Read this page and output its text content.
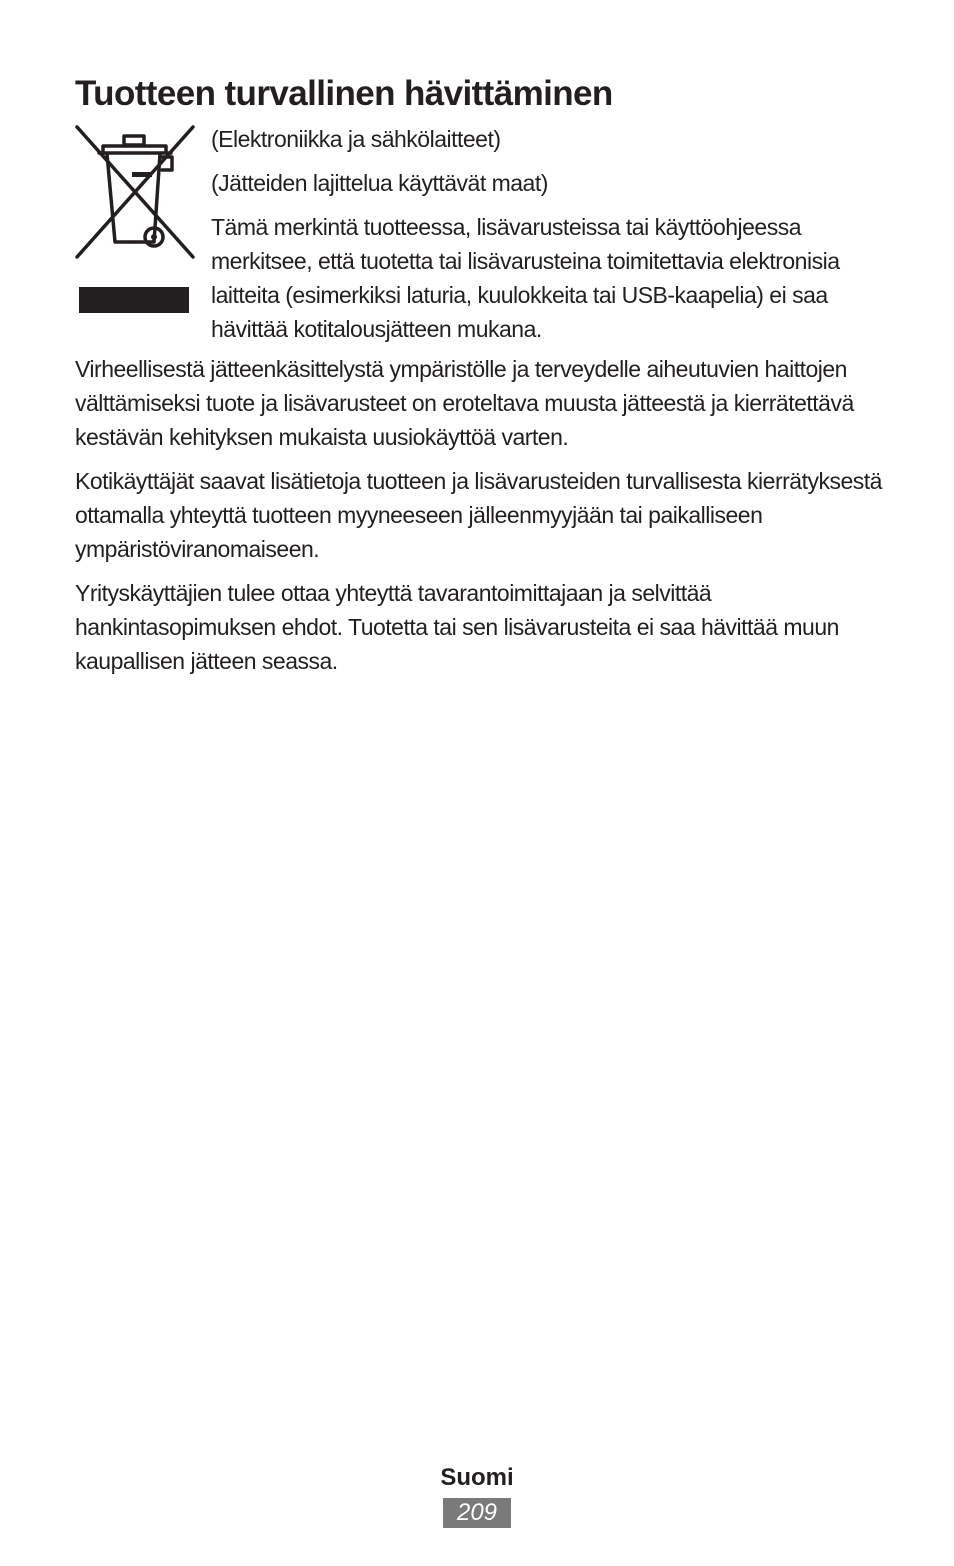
Tuotteen turvallinen hävittäminen

(Elektroniikka ja sähkölaitteet)

(Jätteiden lajittelua käyttävät maat)

Tämä merkintä tuotteessa, lisävarusteissa tai käyttöohjeessa merkitsee, että tuotetta tai lisävarusteina toimitettavia elektronisia laitteita (esimerkiksi laturia, kuulokkeita tai USB-kaapelia) ei saa hävittää kotitalousjätteen mukana.

Virheellisestä jätteenkäsittelystä ympäristölle ja terveydelle aiheutuvien haittojen välttämiseksi tuote ja lisävarusteet on eroteltava muusta jätteestä ja kierrätettävä kestävän kehityksen mukaista uusiokäyttöä varten.

Kotikäyttäjät saavat lisätietoja tuotteen ja lisävarusteiden turvallisesta kierrätyksestä ottamalla yhteyttä tuotteen myyneeseen jälleenmyyjään tai paikalliseen ympäristöviranomaiseen.

Yrityskäyttäjien tulee ottaa yhteyttä tavarantoimittajaan ja selvittää hankintasopimuksen ehdot. Tuotetta tai sen lisävarusteita ei saa hävittää muun kaupallisen jätteen seassa.

Suomi
209
